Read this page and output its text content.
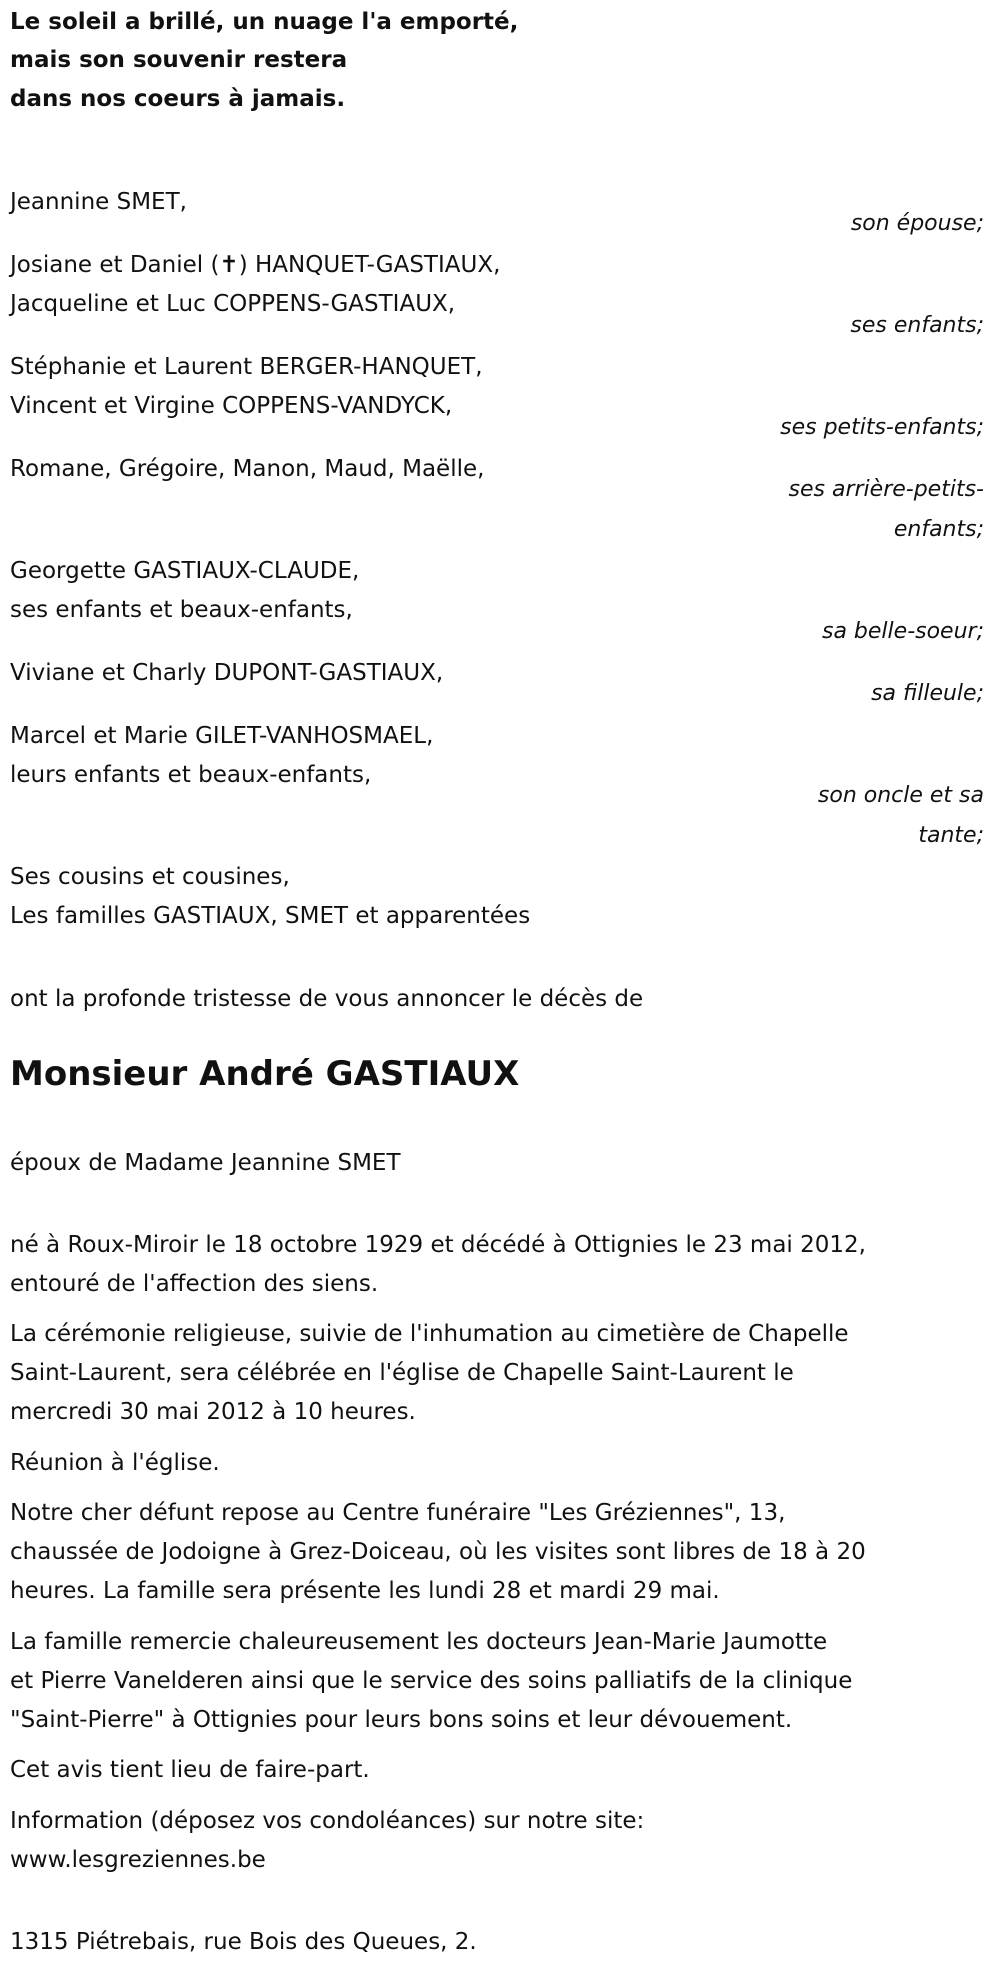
Le soleil a brillé, un nuage l'a emporté,
mais son souvenir restera
dans nos coeurs à jamais.
Jeannine SMET,
son épouse;
Josiane et Daniel (✝) HANQUET-GASTIAUX,
Jacqueline et Luc COPPENS-GASTIAUX,
ses enfants;
Stéphanie et Laurent BERGER-HANQUET,
Vincent et Virgine COPPENS-VANDYCK,
ses petits-enfants;
Romane, Grégoire, Manon, Maud, Maëlle,
ses arrière-petits-
enfants;
Georgette GASTIAUX-CLAUDE,
ses enfants et beaux-enfants,
sa belle-soeur;
Viviane et Charly DUPONT-GASTIAUX,
sa filleule;
Marcel et Marie GILET-VANHOSMAEL,
leurs enfants et beaux-enfants,
son oncle et sa
tante;
Ses cousins et cousines,
Les familles GASTIAUX, SMET et apparentées
ont la profonde tristesse de vous annoncer le décès de
Monsieur André GASTIAUX
époux de Madame Jeannine SMET
né à Roux-Miroir le 18 octobre 1929 et décédé à Ottignies le 23 mai 2012,
entouré de l'affection des siens.
La cérémonie religieuse, suivie de l'inhumation au cimetière de Chapelle
Saint-Laurent, sera célébrée en l'église de Chapelle Saint-Laurent le
mercredi 30 mai 2012 à 10 heures.
Réunion à l'église.
Notre cher défunt repose au Centre funéraire "Les Gréziennes", 13,
chaussée de Jodoigne à Grez-Doiceau, où les visites sont libres de 18 à 20
heures. La famille sera présente les lundi 28 et mardi 29 mai.
La famille remercie chaleureusement les docteurs Jean-Marie Jaumotte
et Pierre Vanelderen ainsi que le service des soins palliatifs de la clinique
"Saint-Pierre" à Ottignies pour leurs bons soins et leur dévouement.
Cet avis tient lieu de faire-part.
Information (déposez vos condoléances) sur notre site:
www.lesgreziennes.be
1315 Piétrebais, rue Bois des Queues, 2.
